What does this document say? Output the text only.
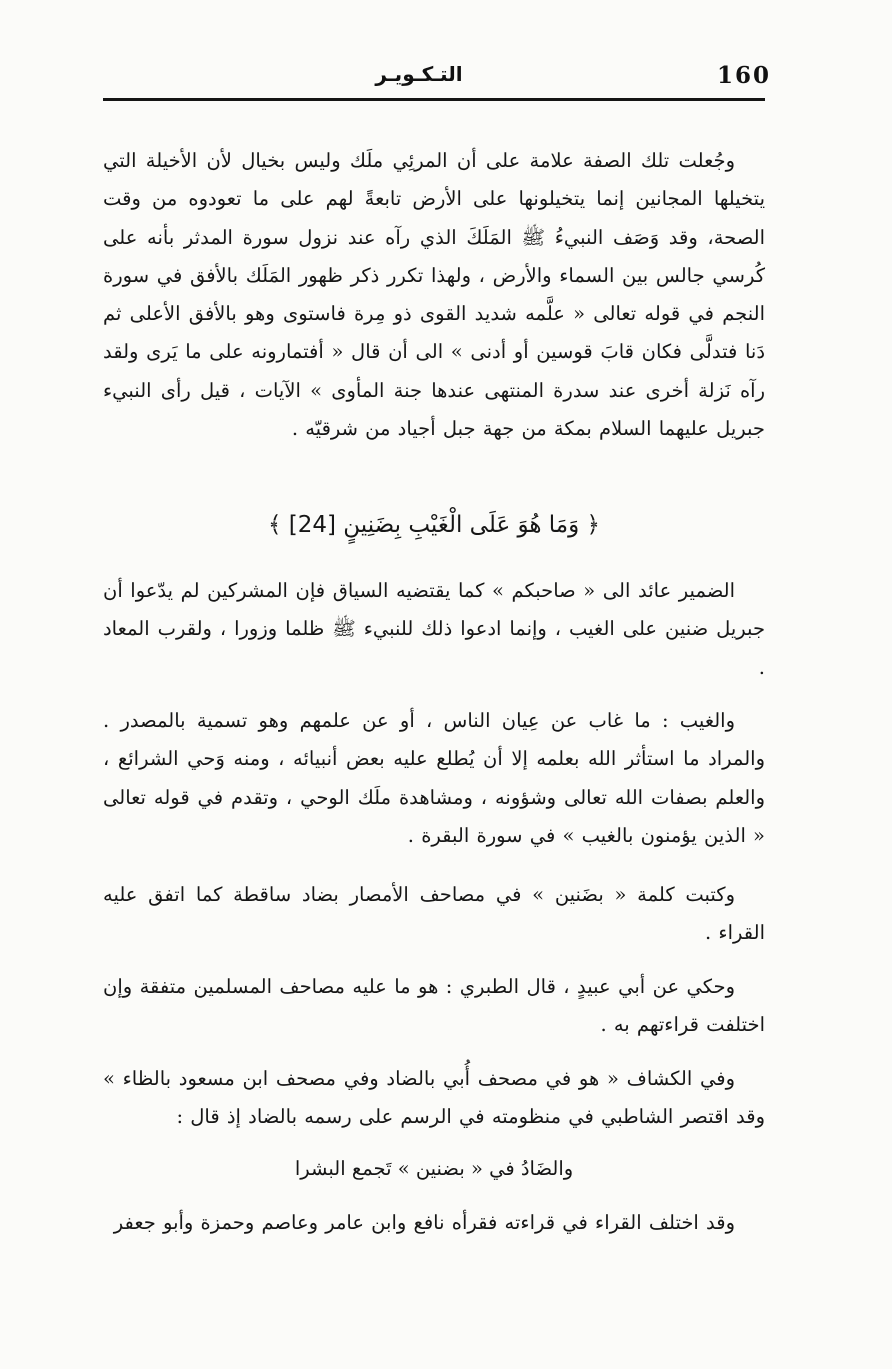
160
التـكـويـر
وجُعلت تلك الصفة علامة على أن المرئِي ملَك وليس بخيال لأن الأخيلة التي يتخيلها المجانين إنما يتخيلونها على الأرض تابعةً لهم على ما تعودوه من وقت الصحة، وقد وَصَف النبيءُ ﷺ المَلَكَ الذي رآه عند نزول سورة المدثر بأنه على كُرسي جالس بين السماء والأرض ، ولهذا تكرر ذكر ظهور المَلَك بالأفق في سورة النجم في قوله تعالى « علَّمه شديد القوى ذو مِرة فاستوى وهو بالأفق الأعلى ثم دَنا فتدلَّى فكان قابَ قوسين أو أدنى » الى أن قال « أفتمارونه على ما يَرى ولقد رآه نَزلة أخرى عند سدرة المنتهى عندها جنة المأوى » الآيات ، قيل رأى النبيء جبريل عليهما السلام بمكة من جهة جبل أجياد من شرقيّه .
﴿ وَمَا هُوَ عَلَى الْغَيْبِ بِضَنِينٍ [24] ﴾
الضمير عائد الى « صاحبكم » كما يقتضيه السياق فإن المشركين لم يدّعوا أن جبريل ضنين على الغيب ، وإنما ادعوا ذلك للنبيء ﷺ ظلما وزورا ، ولقرب المعاد .
والغيب : ما غاب عن عِيان الناس ، أو عن علمهم وهو تسمية بالمصدر . والمراد ما استأثر الله بعلمه إلا أن يُطلع عليه بعض أنبيائه ، ومنه وَحي الشرائع ، والعلم بصفات الله تعالى وشؤونه ، ومشاهدة ملَك الوحي ، وتقدم في قوله تعالى « الذين يؤمنون بالغيب » في سورة البقرة .
وكتبت كلمة « بضَنين » في مصاحف الأمصار بضاد ساقطة كما اتفق عليه القراء .
وحكي عن أبي عبيدٍ ، قال الطبري : هو ما عليه مصاحف المسلمين متفقة وإن اختلفت قراءتهم به .
وفي الكشاف « هو في مصحف أُبي بالضاد وفي مصحف ابن مسعود بالظاء » وقد اقتصر الشاطبي في منظومته في الرسم على رسمه بالضاد إذ قال :
والضَادُ في « بضنين » تَجمع البشرا
وقد اختلف القراء في قراءته فقرأه نافع وابن عامر وعاصم وحمزة وأبو جعفر
